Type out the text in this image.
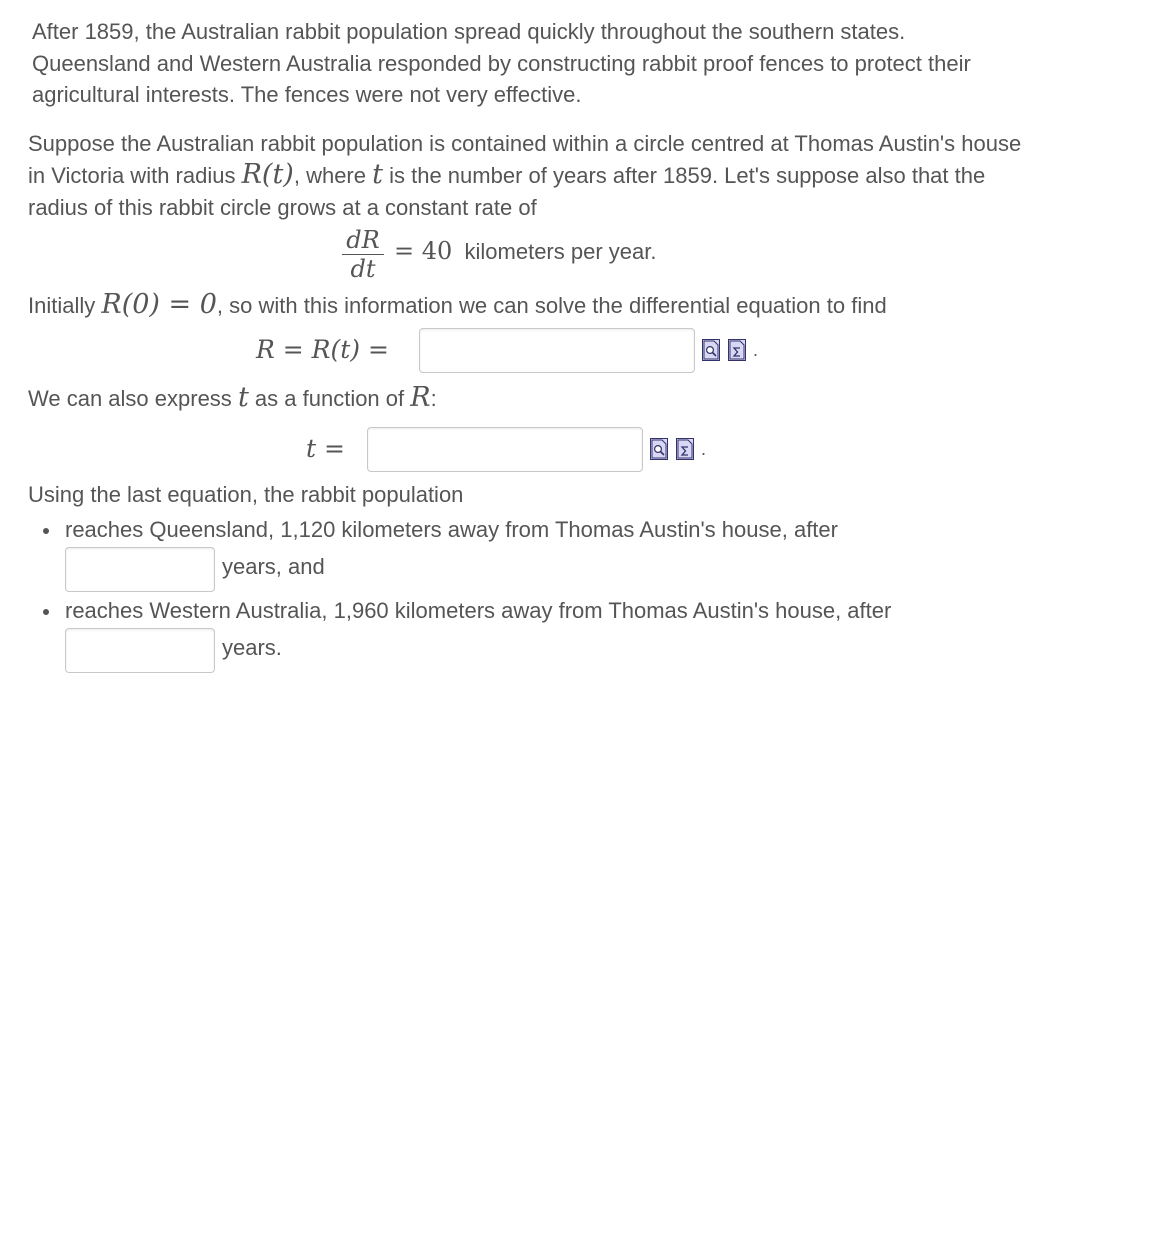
After 1859, the Australian rabbit population spread quickly throughout the southern states. Queensland and Western Australia responded by constructing rabbit proof fences to protect their agricultural interests. The fences were not very effective.

Suppose the Australian rabbit population is contained within a circle centred at Thomas Austin's house in Victoria with radius R(t), where t is the number of years after 1859. Let's suppose also that the radius of this rabbit circle grows at a constant rate of

dR
dt
= 40 kilometers per year.

Initially R(0) = 0, so with this information we can solve the differential equation to find

R = R(t) =	.

We can also express t as a function of R:

t =	.

Using the last equation, the rabbit population

reaches Queensland, 1,120 kilometers away from Thomas Austin's house, after

years, and

reaches Western Australia, 1,960 kilometers away from Thomas Austin's house, after

years.
